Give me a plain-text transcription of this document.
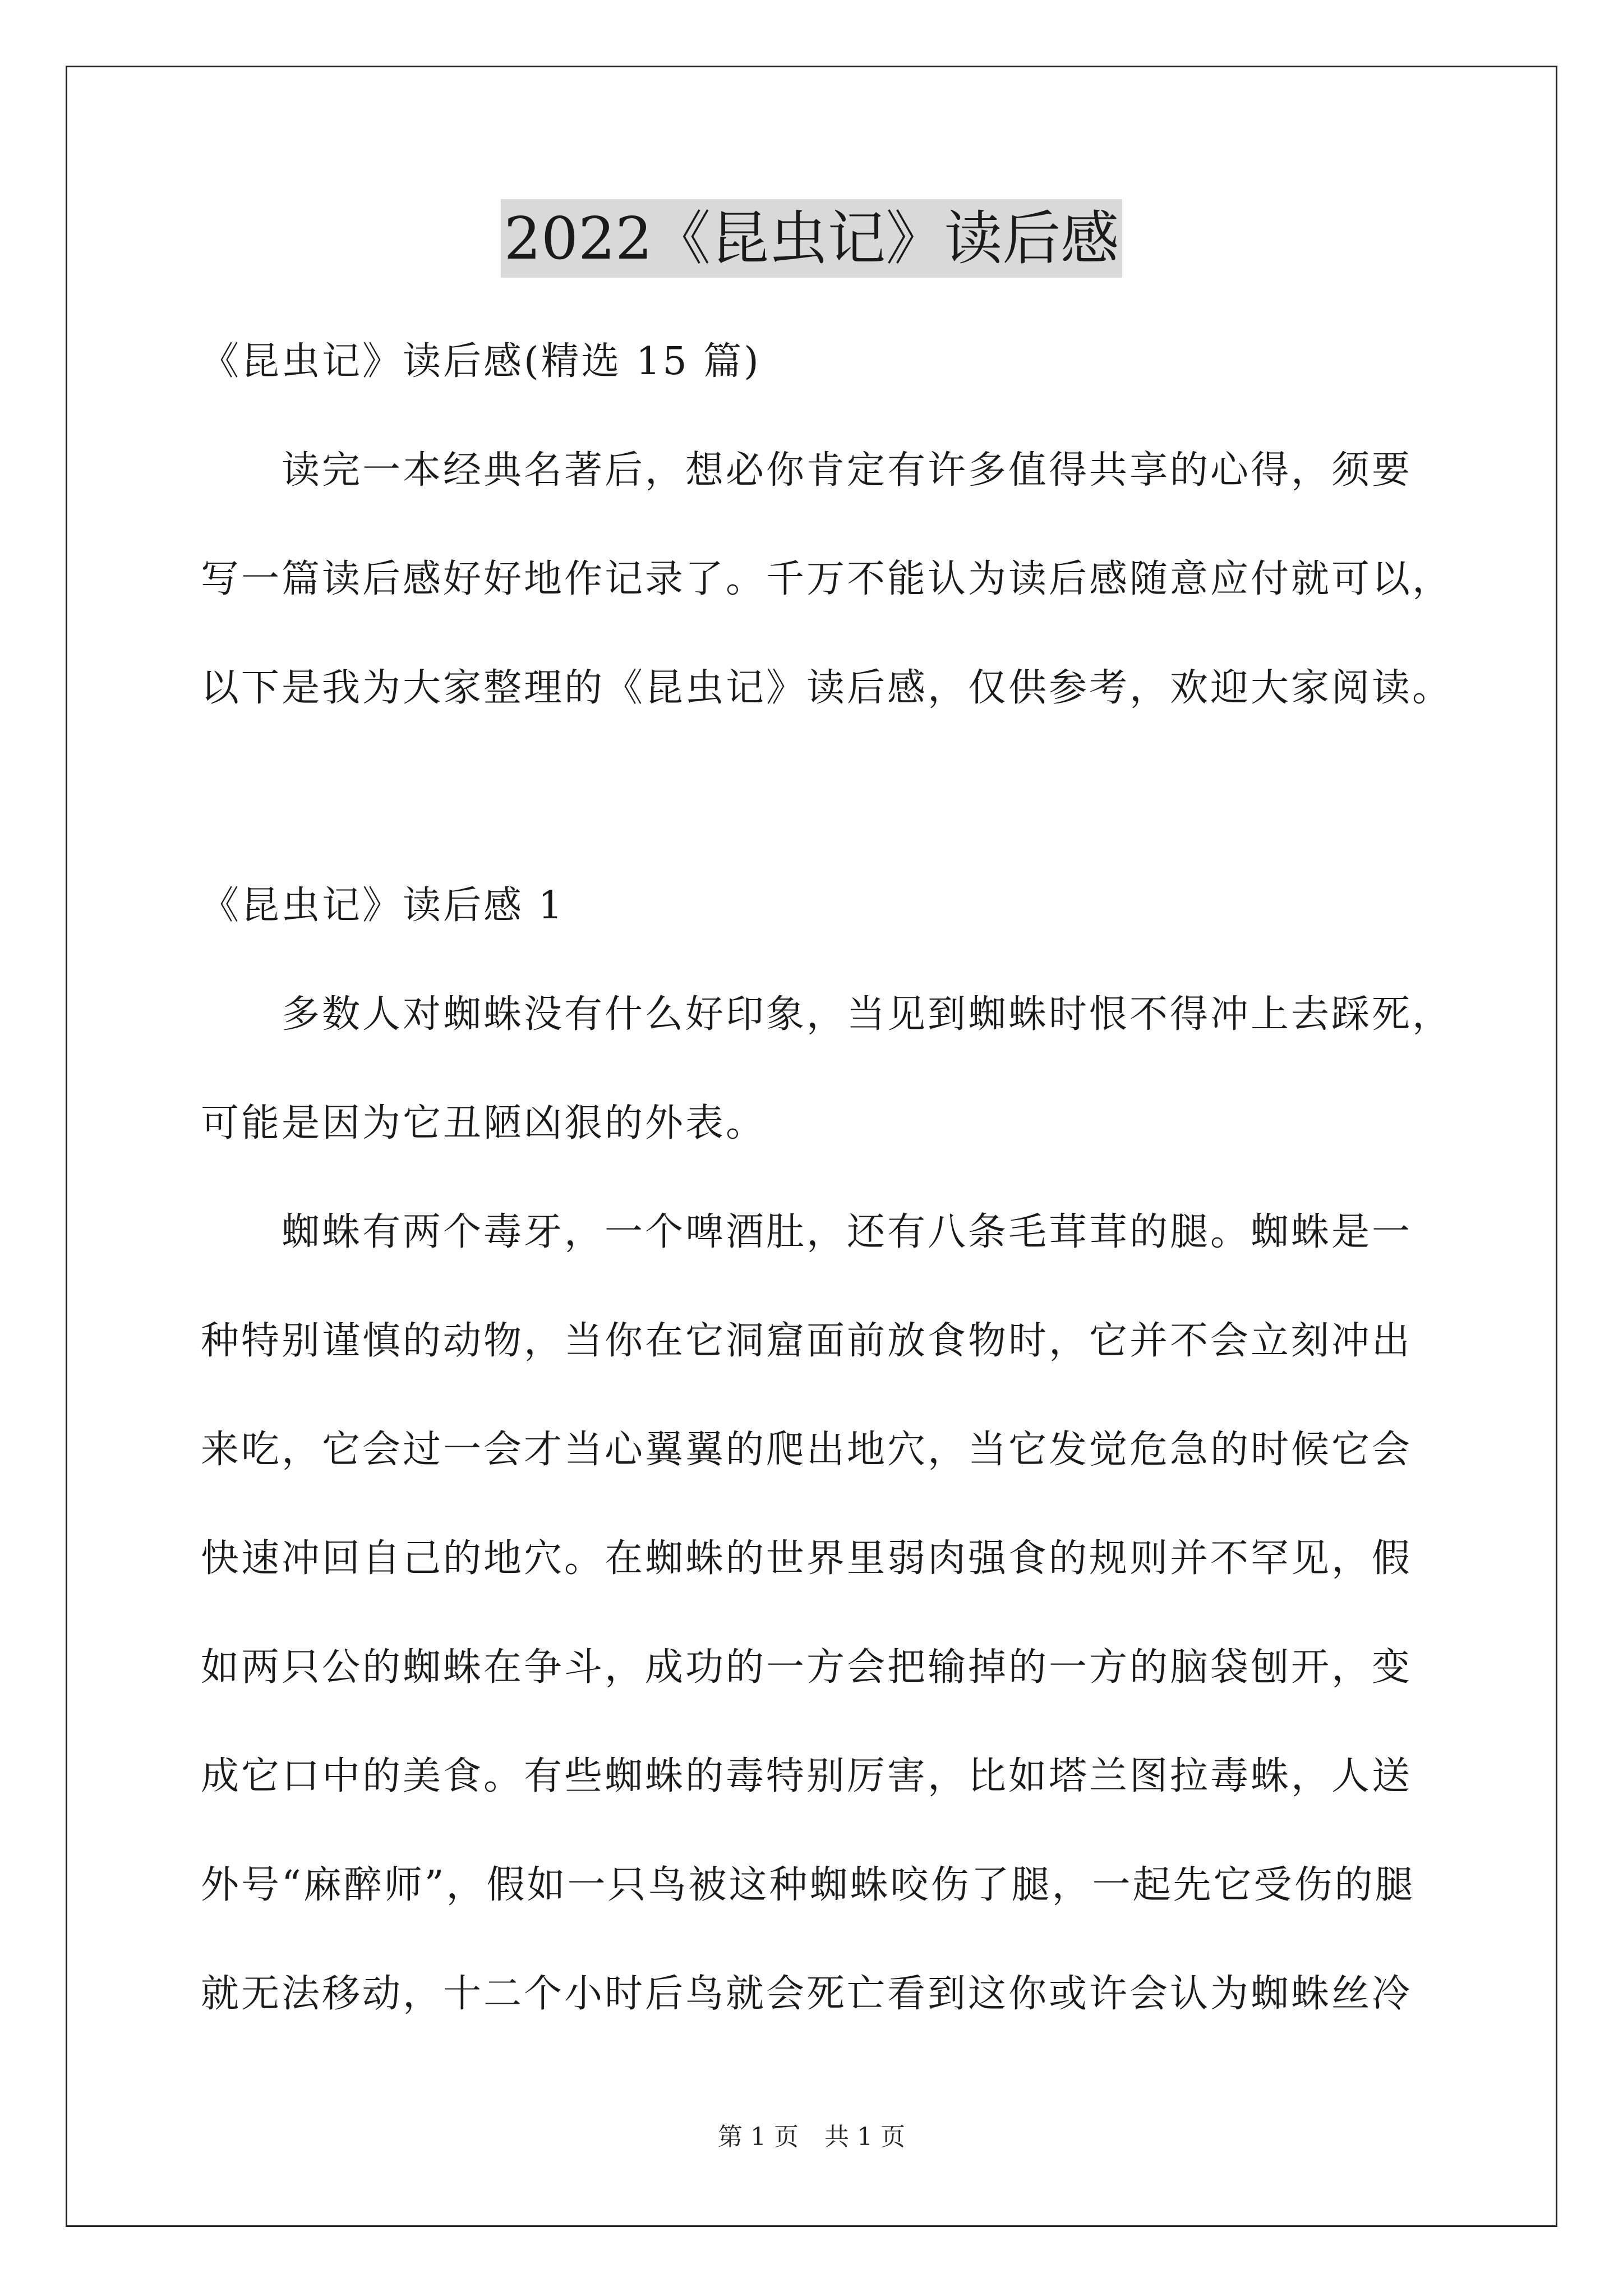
2022《昆虫记》读后感
《昆虫记》读后感(精选 15 篇)
读完一本经典名著后，想必你肯定有许多值得共享的心得，须要
写一篇读后感好好地作记录了。千万不能认为读后感随意应付就可以，
以下是我为大家整理的《昆虫记》读后感，仅供参考，欢迎大家阅读。
《昆虫记》读后感 1
多数人对蜘蛛没有什么好印象，当见到蜘蛛时恨不得冲上去踩死，
可能是因为它丑陋凶狠的外表。
蜘蛛有两个毒牙，一个啤酒肚，还有八条毛茸茸的腿。蜘蛛是一
种特别谨慎的动物，当你在它洞窟面前放食物时，它并不会立刻冲出
来吃，它会过一会才当心翼翼的爬出地穴，当它发觉危急的时候它会
快速冲回自己的地穴。在蜘蛛的世界里弱肉强食的规则并不罕见，假
如两只公的蜘蛛在争斗，成功的一方会把输掉的一方的脑袋刨开，变
成它口中的美食。有些蜘蛛的毒特别厉害，比如塔兰图拉毒蛛，人送
外号“麻醉师”，假如一只鸟被这种蜘蛛咬伤了腿，一起先它受伤的腿
就无法移动，十二个小时后鸟就会死亡看到这你或许会认为蜘蛛丝冷
第 1 页 共 1 页
